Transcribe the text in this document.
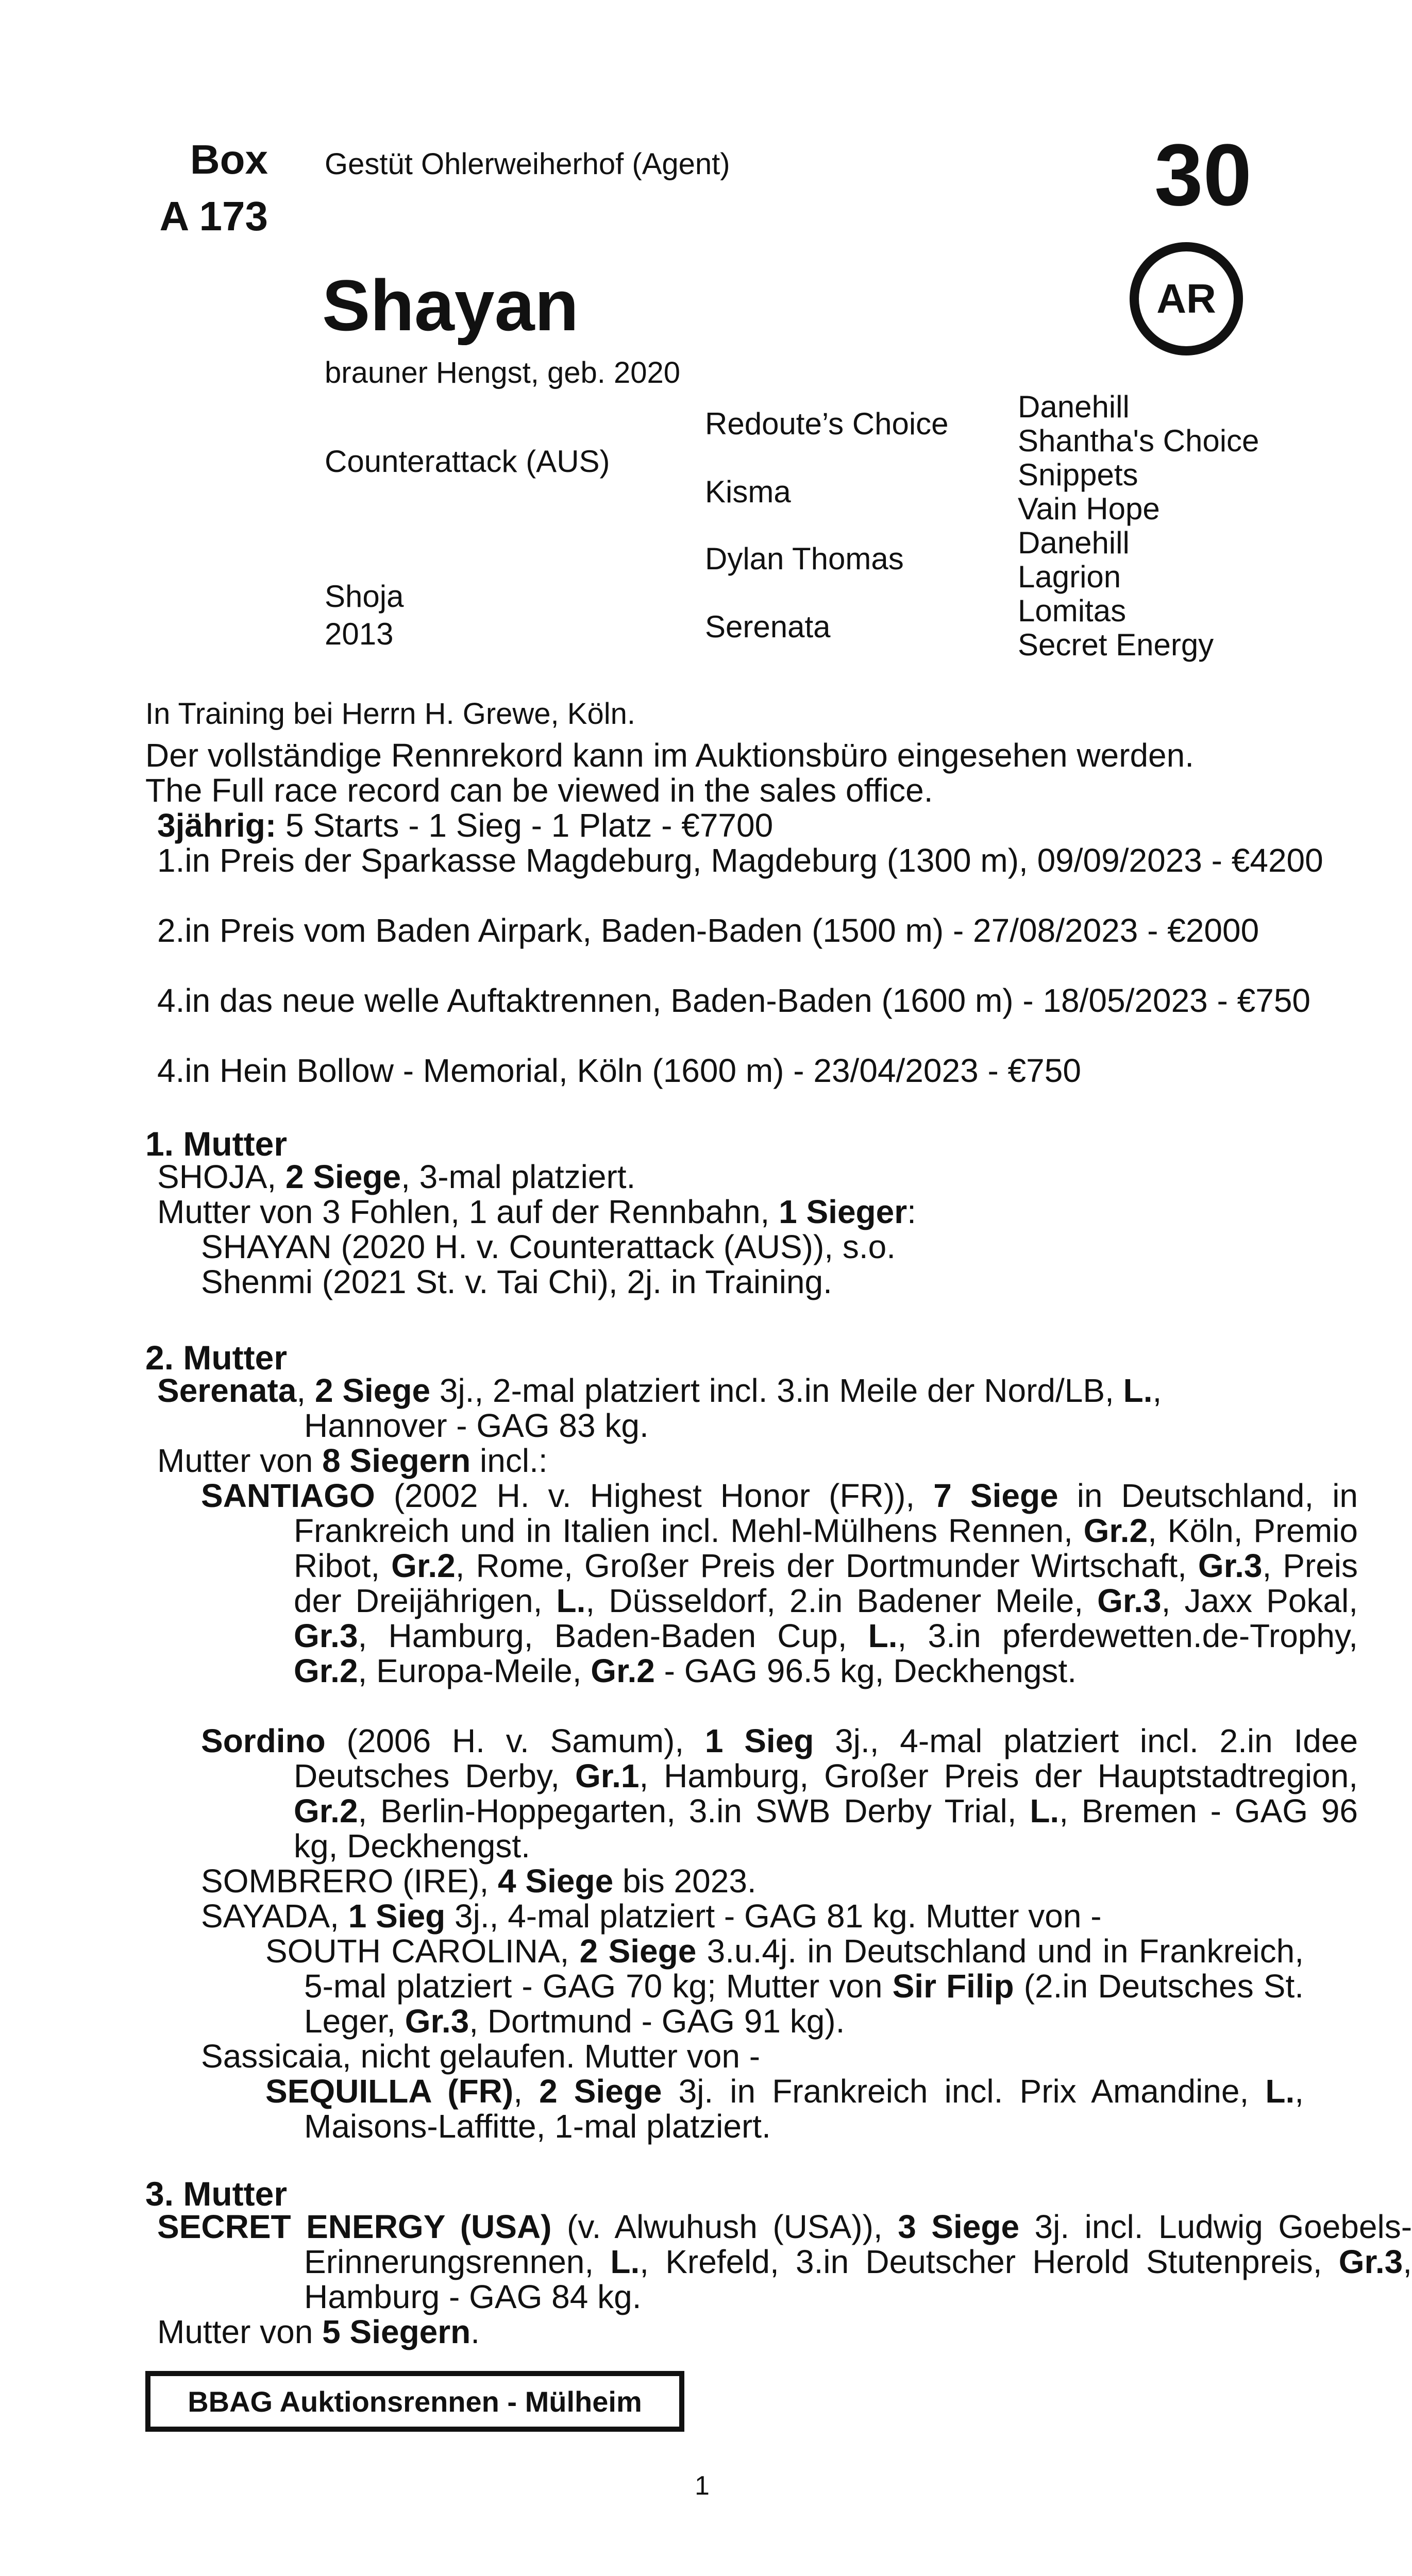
Box
A 173
Gestüt Ohlerweiherhof (Agent)	30
AR
Shayan
brauner Hengst, geb. 2020
Counterattack (AUS)
Shoja
2013
Redoute’s Choice
Kisma
Dylan Thomas
Serenata
Danehill
Shantha's Choice
Snippets
Vain Hope
Danehill
Lagrion
Lomitas
Secret Energy
In Training bei Herrn H. Grewe, Köln.
Der vollständige Rennrekord kann im Auktionsbüro eingesehen werden.
The Full race record can be viewed in the sales office.
3jährig: 5 Starts - 1 Sieg - 1 Platz - €7700
1.in Preis der Sparkasse Magdeburg, Magdeburg (1300 m), 09/09/2023 - €4200
2.in Preis vom Baden Airpark, Baden-Baden (1500 m) - 27/08/2023 - €2000
4.in das neue welle Auftaktrennen, Baden-Baden (1600 m) - 18/05/2023 - €750
4.in Hein Bollow - Memorial, Köln (1600 m) - 23/04/2023 - €750
1. Mutter
SHOJA, 2 Siege, 3-mal platziert.
Mutter von 3 Fohlen, 1 auf der Rennbahn, 1 Sieger:
SHAYAN (2020 H. v. Counterattack (AUS)), s.o.
Shenmi (2021 St. v. Tai Chi), 2j. in Training.
2. Mutter
Serenata, 2 Siege 3j., 2-mal platziert incl. 3.in Meile der Nord/LB, L.,
Hannover - GAG 83 kg.
Mutter von 8 Siegern incl.:
SANTIAGO (2002 H. v. Highest Honor (FR)), 7 Siege in Deutschland, in Frankreich und in Italien incl. Mehl-Mülhens Rennen, Gr.2, Köln, Premio Ribot, Gr.2, Rome, Großer Preis der Dortmunder Wirtschaft, Gr.3, Preis der Dreijährigen, L., Düsseldorf, 2.in Badener Meile, Gr.3, Jaxx Pokal, Gr.3, Hamburg, Baden-Baden Cup, L., 3.in pferdewetten.de-Trophy, Gr.2, Europa-Meile, Gr.2 - GAG 96.5 kg, Deckhengst.
Sordino (2006 H. v. Samum), 1 Sieg 3j., 4-mal platziert incl. 2.in Idee Deutsches Derby, Gr.1, Hamburg, Großer Preis der Hauptstadtregion, Gr.2, Berlin-Hoppegarten, 3.in SWB Derby Trial, L., Bremen - GAG 96 kg, Deckhengst.
SOMBRERO (IRE), 4 Siege bis 2023.
SAYADA, 1 Sieg 3j., 4-mal platziert - GAG 81 kg. Mutter von -
SOUTH CAROLINA, 2 Siege 3.u.4j. in Deutschland und in Frankreich, 5-mal platziert - GAG 70 kg; Mutter von Sir Filip (2.in Deutsches St. Leger, Gr.3, Dortmund - GAG 91 kg).
Sassicaia, nicht gelaufen. Mutter von -
SEQUILLA (FR), 2 Siege 3j. in Frankreich incl. Prix Amandine, L., Maisons-Laffitte, 1-mal platziert.
3. Mutter
SECRET ENERGY (USA) (v. Alwuhush (USA)), 3 Siege 3j. incl. Ludwig Goebels-Erinnerungsrennen, L., Krefeld, 3.in Deutscher Herold Stutenpreis, Gr.3, Hamburg - GAG 84 kg.
Mutter von 5 Siegern.
BBAG Auktionsrennen - Mülheim
1
